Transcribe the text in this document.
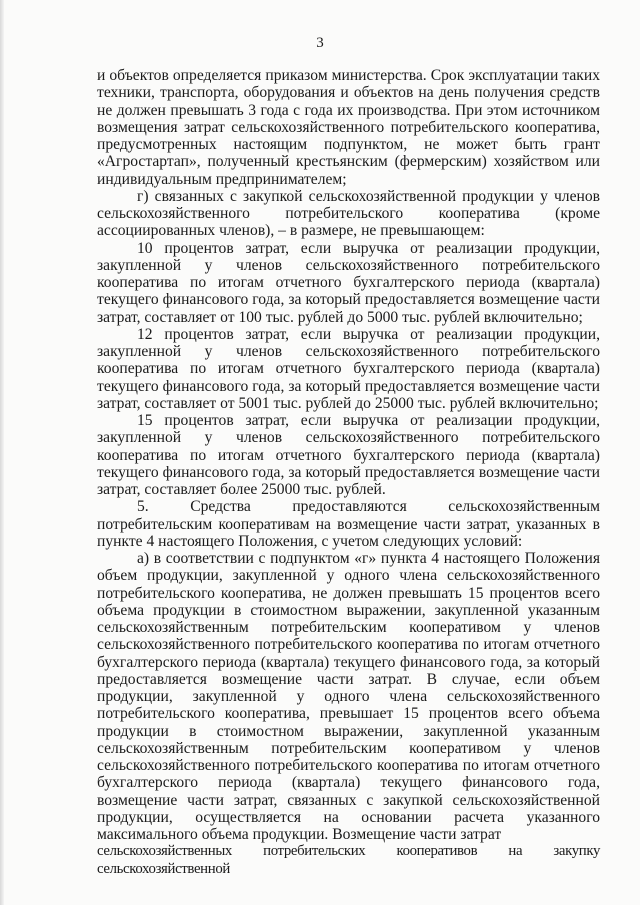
3

и объектов определяется приказом министерства. Срок эксплуатации таких техники, транспорта, оборудования и объектов на день получения средств не должен превышать 3 года с года их производства. При этом источником возмещения затрат сельскохозяйственного потребительского кооператива, предусмотренных настоящим подпунктом, не может быть грант «Агростартап», полученный крестьянским (фермерским) хозяйством или индивидуальным предпринимателем;

г) связанных с закупкой сельскохозяйственной продукции у членов сельскохозяйственного потребительского кооператива (кроме ассоциированных членов), – в размере, не превышающем:

10 процентов затрат, если выручка от реализации продукции, закупленной у членов сельскохозяйственного потребительского кооператива по итогам отчетного бухгалтерского периода (квартала) текущего финансового года, за который предоставляется возмещение части затрат, составляет от 100 тыс. рублей до 5000 тыс. рублей включительно;

12 процентов затрат, если выручка от реализации продукции, закупленной у членов сельскохозяйственного потребительского кооператива по итогам отчетного бухгалтерского периода (квартала) текущего финансового года, за который предоставляется возмещение части затрат, составляет от 5001 тыс. рублей до 25000 тыс. рублей включительно;

15 процентов затрат, если выручка от реализации продукции, закупленной у членов сельскохозяйственного потребительского кооператива по итогам отчетного бухгалтерского периода (квартала) текущего финансового года, за который предоставляется возмещение части затрат, составляет более 25000 тыс. рублей.

5. Средства предоставляются сельскохозяйственным потребительским кооперативам на возмещение части затрат, указанных в пункте 4 настоящего Положения, с учетом следующих условий:

а) в соответствии с подпунктом «г» пункта 4 настоящего Положения объем продукции, закупленной у одного члена сельскохозяйственного потребительского кооператива, не должен превышать 15 процентов всего объема продукции в стоимостном выражении, закупленной указанным сельскохозяйственным потребительским кооперативом у членов сельскохозяйственного потребительского кооператива по итогам отчетного бухгалтерского периода (квартала) текущего финансового года, за который предоставляется возмещение части затрат. В случае, если объем продукции, закупленной у одного члена сельскохозяйственного потребительского кооператива, превышает 15 процентов всего объема продукции в стоимостном выражении, закупленной указанным сельскохозяйственным потребительским кооперативом у членов сельскохозяйственного потребительского кооператива по итогам отчетного бухгалтерского периода (квартала) текущего финансового года, возмещение части затрат, связанных с закупкой сельскохозяйственной продукции, осуществляется на основании расчета указанного максимального объема продукции. Возмещение части затрат

сельскохозяйственных потребительских кооперативов на закупку сельскохозяйственной
